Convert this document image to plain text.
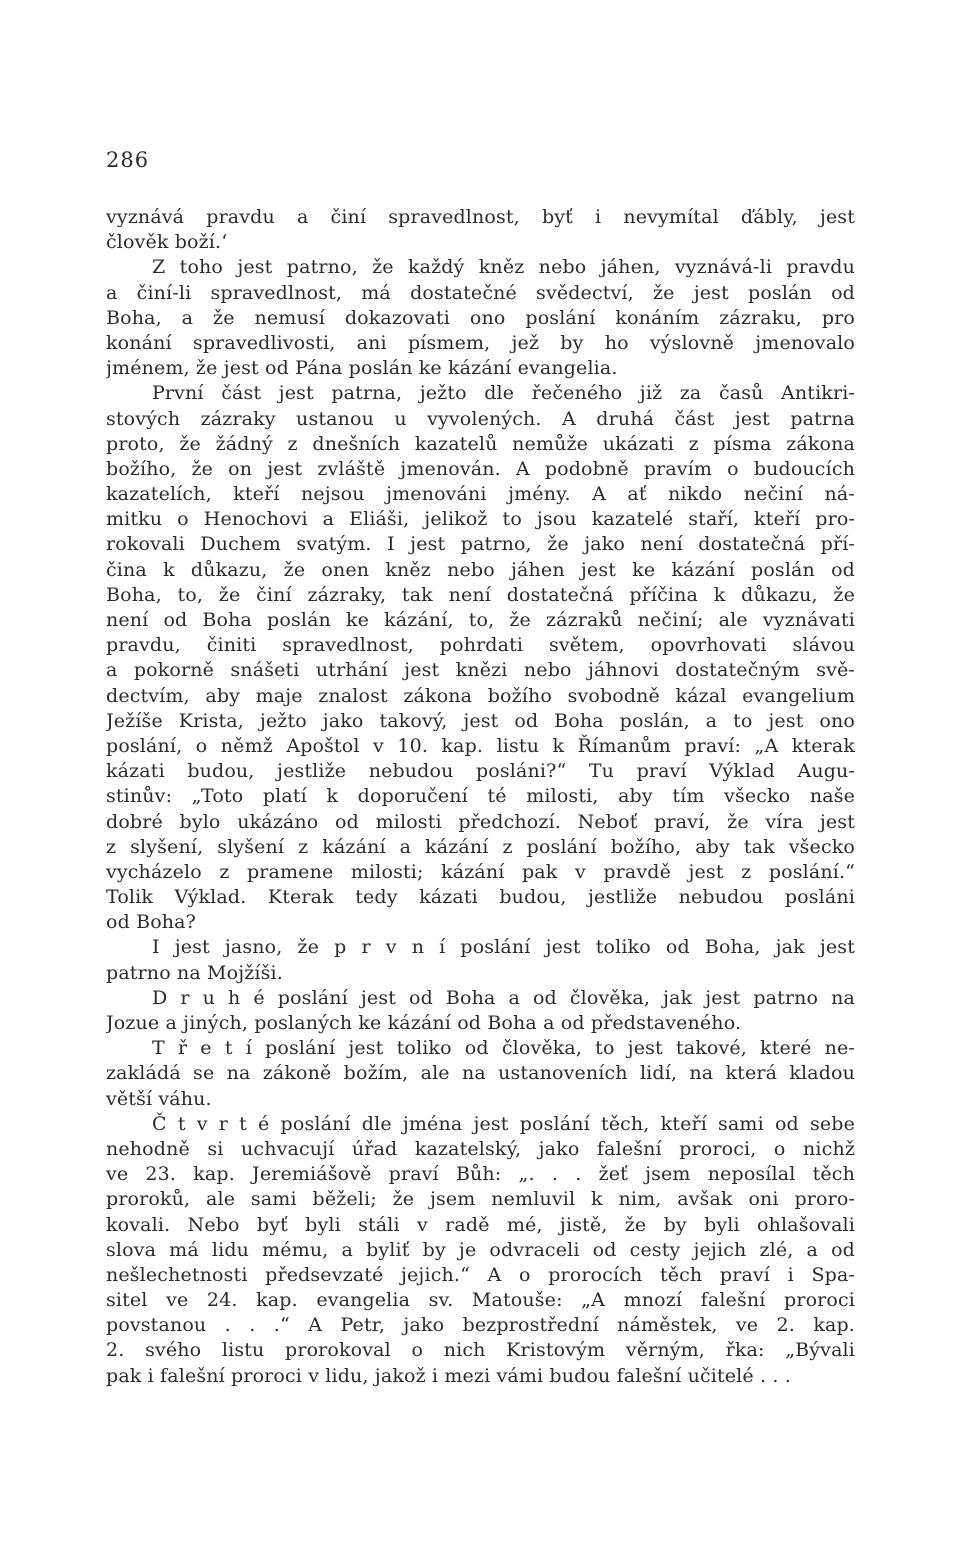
286
vyznává pravdu a činí spravedlnost, byť i nevymítal ďábly, jest
člověk boží.‘
Z toho jest patrno, že každý kněz nebo jáhen, vyznává-li pravdu
a činí-li spravedlnost, má dostatečné svědectví, že jest poslán od
Boha, a že nemusí dokazovati ono poslání konáním zázraku, pro
konání spravedlivosti, ani písmem, jež by ho výslovně jmenovalo
jménem, že jest od Pána poslán ke kázání evangelia.
První část jest patrna, ježto dle řečeného již za časů Antikri-
stových zázraky ustanou u vyvolených. A druhá část jest patrna
proto, že žádný z dnešních kazatelů nemůže ukázati z písma zákona
božího, že on jest zvláště jmenován. A podobně pravím o budoucích
kazatelích, kteří nejsou jmenováni jmény. A ať nikdo nečiní ná-
mitku o Henochovi a Eliáši, jelikož to jsou kazatelé staří, kteří pro-
rokovali Duchem svatým. I jest patrno, že jako není dostatečná pří-
čina k důkazu, že onen kněz nebo jáhen jest ke kázání poslán od
Boha, to, že činí zázraky, tak není dostatečná příčina k důkazu, že
není od Boha poslán ke kázání, to, že zázraků nečiní; ale vyznávati
pravdu, činiti spravedlnost, pohrdati světem, opovrhovati slávou
a pokorně snášeti utrhání jest knězi nebo jáhnovi dostatečným svě-
dectvím, aby maje znalost zákona božího svobodně kázal evangelium
Ježíše Krista, ježto jako takový, jest od Boha poslán, a to jest ono
poslání, o němž Apoštol v 10. kap. listu k Římanům praví: „A kterak
kázati budou, jestliže nebudou posláni?“ Tu praví Výklad Augu-
stinův: „Toto platí k doporučení té milosti, aby tím všecko naše
dobré bylo ukázáno od milosti předchozí. Neboť praví, že víra jest
z slyšení, slyšení z kázání a kázání z poslání božího, aby tak všecko
vycházelo z pramene milosti; kázání pak v pravdě jest z poslání.“
Tolik Výklad. Kterak tedy kázati budou, jestliže nebudou posláni
od Boha?
I jest jasno, že p r v n í poslání jest toliko od Boha, jak jest
patrno na Mojžíši.
D r u h é poslání jest od Boha a od člověka, jak jest patrno na
Jozue a jiných, poslaných ke kázání od Boha a od představeného.
T ř e t í poslání jest toliko od člověka, to jest takové, které ne-
zakládá se na zákoně božím, ale na ustanoveních lidí, na která kladou
větší váhu.
Č t v r t é poslání dle jména jest poslání těch, kteří sami od sebe
nehodně si uchvacují úřad kazatelský, jako falešní proroci, o nichž
ve 23. kap. Jeremiášově praví Bůh: „. . . žeť jsem neposílal těch
proroků, ale sami běželi; že jsem nemluvil k nim, avšak oni proro-
kovali. Nebo byť byli stáli v radě mé, jistě, že by byli ohlašovali
slova má lidu mému, a byliť by je odvraceli od cesty jejich zlé, a od
nešlechetnosti předsevzaté jejich.“ A o prorocích těch praví i Spa-
sitel ve 24. kap. evangelia sv. Matouše: „A mnozí falešní proroci
povstanou . . .“ A Petr, jako bezprostřední náměstek, ve 2. kap.
2. svého listu prorokoval o nich Kristovým věrným, řka: „Bývali
pak i falešní proroci v lidu, jakož i mezi vámi budou falešní učitelé . . .
